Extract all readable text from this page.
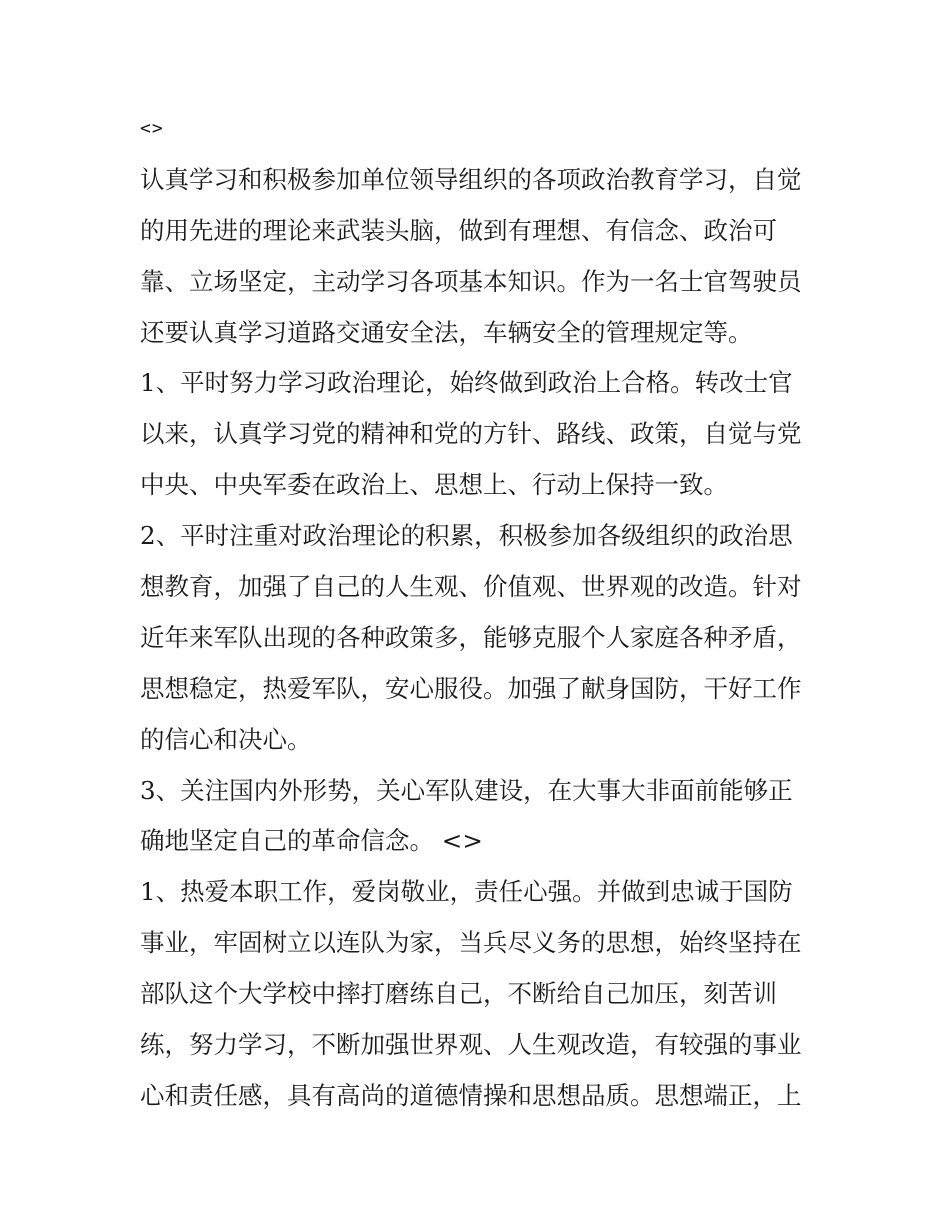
<>
认真学习和积极参加单位领导组织的各项政治教育学习，自觉
的用先进的理论来武装头脑，做到有理想、有信念、政治可
靠、立场坚定，主动学习各项基本知识。作为一名士官驾驶员
还要认真学习道路交通安全法，车辆安全的管理规定等。
1、平时努力学习政治理论，始终做到政治上合格。转改士官
以来，认真学习党的精神和党的方针、路线、政策，自觉与党
中央、中央军委在政治上、思想上、行动上保持一致。
2、平时注重对政治理论的积累，积极参加各级组织的政治思
想教育，加强了自己的人生观、价值观、世界观的改造。针对
近年来军队出现的各种政策多，能够克服个人家庭各种矛盾，
思想稳定，热爱军队，安心服役。加强了献身国防，干好工作
的信心和决心。
3、关注国内外形势，关心军队建设，在大事大非面前能够正
确地坚定自己的革命信念。 <>
1、热爱本职工作，爱岗敬业，责任心强。并做到忠诚于国防
事业，牢固树立以连队为家，当兵尽义务的思想，始终坚持在
部队这个大学校中摔打磨练自己，不断给自己加压，刻苦训
练，努力学习，不断加强世界观、人生观改造，有较强的事业
心和责任感，具有高尚的道德情操和思想品质。思想端正，上
